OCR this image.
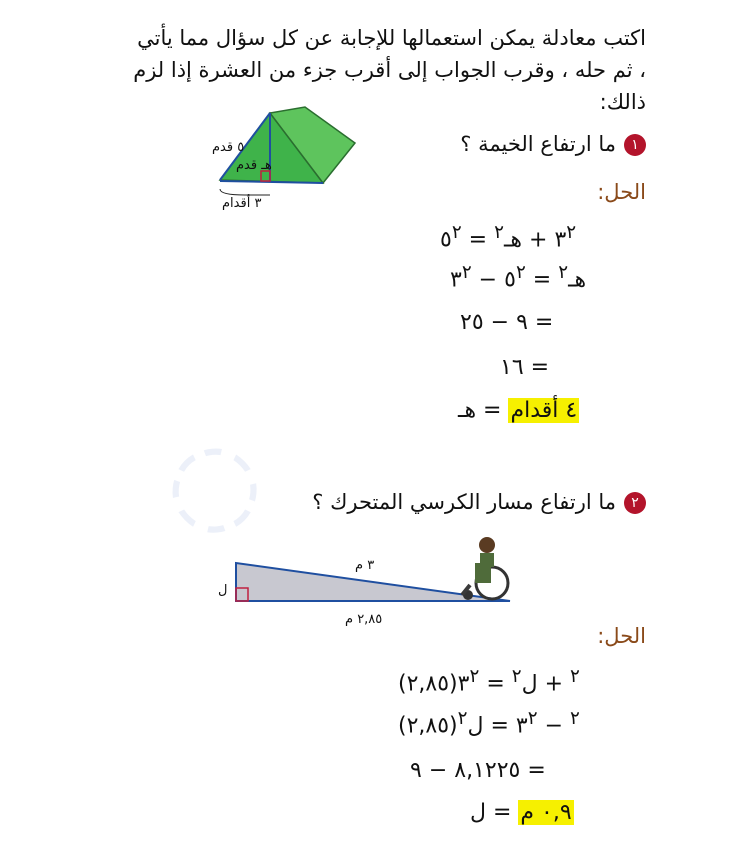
◌
اكتب معادلة يمكن استعمالها للإجابة عن كل سؤال مما يأتي ، ثم حله ، وقرب الجواب إلى أقرب جزء من العشرة إذا لزم ذالك:
٥ قدم
هـ قدم
٣ أقدام
١ما ارتفاع الخيمة ؟
الحل:
$٣^٢$ + هـ$^٢$ = $٥^٢$
هـ$^٢$ = $٥^٢$ − $٣^٢$
٩ − ٢٥ =
١٦ =
٤ أقدام = هـ
٢ما ارتفاع مسار الكرسي المتحرك ؟
٣ م
٢,٨٥ م
ل
الحل:
(٢,٨٥)	$^٢$ + ل$^٢$ = $٣^٢$
(٢,٨٥)	$^٢ - ٣^٢$ = ل$^٢$
٨,١٢٢٥ − ٩ =
٠,٩ م = ل
